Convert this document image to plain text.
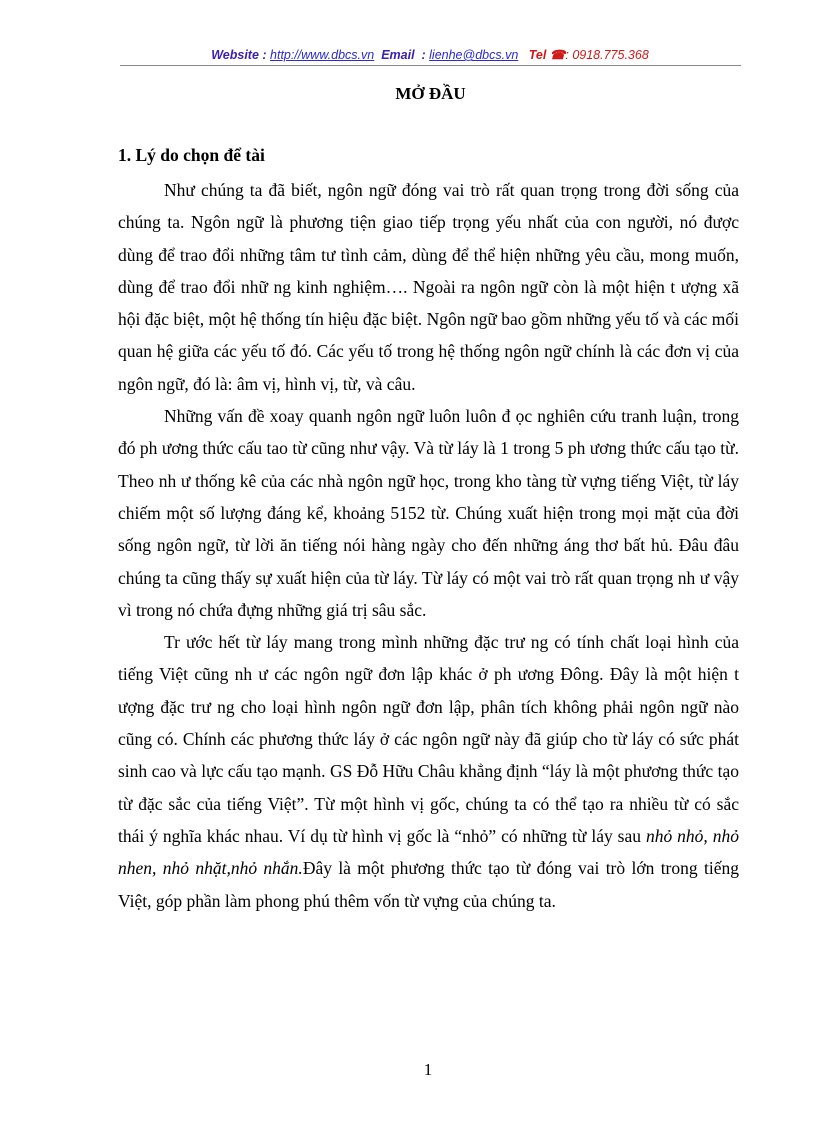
Website : http://www.dbcs.vn Email  : lienhe@dbcs.vn Tel ☎: 0918.775.368
MỞ ĐẦU
1. Lý do chọn để tài

Như chúng ta đã biết, ngôn ngữ đóng vai trò rất quan trọng trong đời sống của chúng ta. Ngôn ngữ là phương tiện giao tiếp trọng yếu nhất của con người, nó được dùng để trao đổi những tâm tư tình cảm, dùng để thể hiện những yêu cầu, mong muốn, dùng để trao đổi nhữ ng kinh nghiệm…. Ngoài ra ngôn ngữ còn là một hiện t ượng xã hội đặc biệt, một hệ thống tín hiệu đặc biệt. Ngôn ngữ bao gồm những yếu tố và các mối quan hệ giữa các yếu tố đó. Các yếu tố trong hệ thống ngôn ngữ chính là các đơn vị của ngôn ngữ, đó là: âm vị, hình vị, từ, và câu.

Những vấn đề xoay quanh ngôn ngữ luôn luôn đ ọc nghiên cứu tranh luận, trong đó ph ương thức cấu tao từ cũng như vậy. Và từ láy là 1 trong 5 ph ương thức cấu tạo từ. Theo nh ư thống kê của các nhà ngôn ngữ học, trong kho tàng từ vựng tiếng Việt, từ láy chiếm một số lượng đáng kể, khoảng 5152 từ. Chúng xuất hiện trong mọi mặt của đời sống ngôn ngữ, từ lời ăn tiếng nói hàng ngày cho đến những áng thơ bất hủ. Đâu đâu chúng ta cũng thấy sự xuất hiện của từ láy. Từ láy có một vai trò rất quan trọng nh ư vậy vì trong nó chứa đựng những giá trị sâu sắc.

Tr ước hết từ láy mang trong mình những đặc trư ng có tính chất loại hình của tiếng Việt cũng nh ư các ngôn ngữ đơn lập khác ở ph ương Đông. Đây là một hiện t ượng đặc trư ng cho loại hình ngôn ngữ đơn lập, phân tích không phải ngôn ngữ nào cũng có. Chính các phương thức láy ở các ngôn ngữ này đã giúp cho từ láy có sức phát sinh cao và lực cấu tạo mạnh. GS Đỗ Hữu Châu khẳng định “láy là một phương thức tạo từ đặc sắc của tiếng Việt”. Từ một hình vị gốc, chúng ta có thể tạo ra nhiều từ có sắc thái ý nghĩa khác nhau. Ví dụ từ hình vị gốc là “nhỏ” có những từ láy sau nhỏ nhỏ, nhỏ nhen, nhỏ nhặt,nhỏ nhắn.Đây là một phương thức tạo từ đóng vai trò lớn trong tiếng Việt, góp phần làm phong phú thêm vốn từ vựng của chúng ta.

1
